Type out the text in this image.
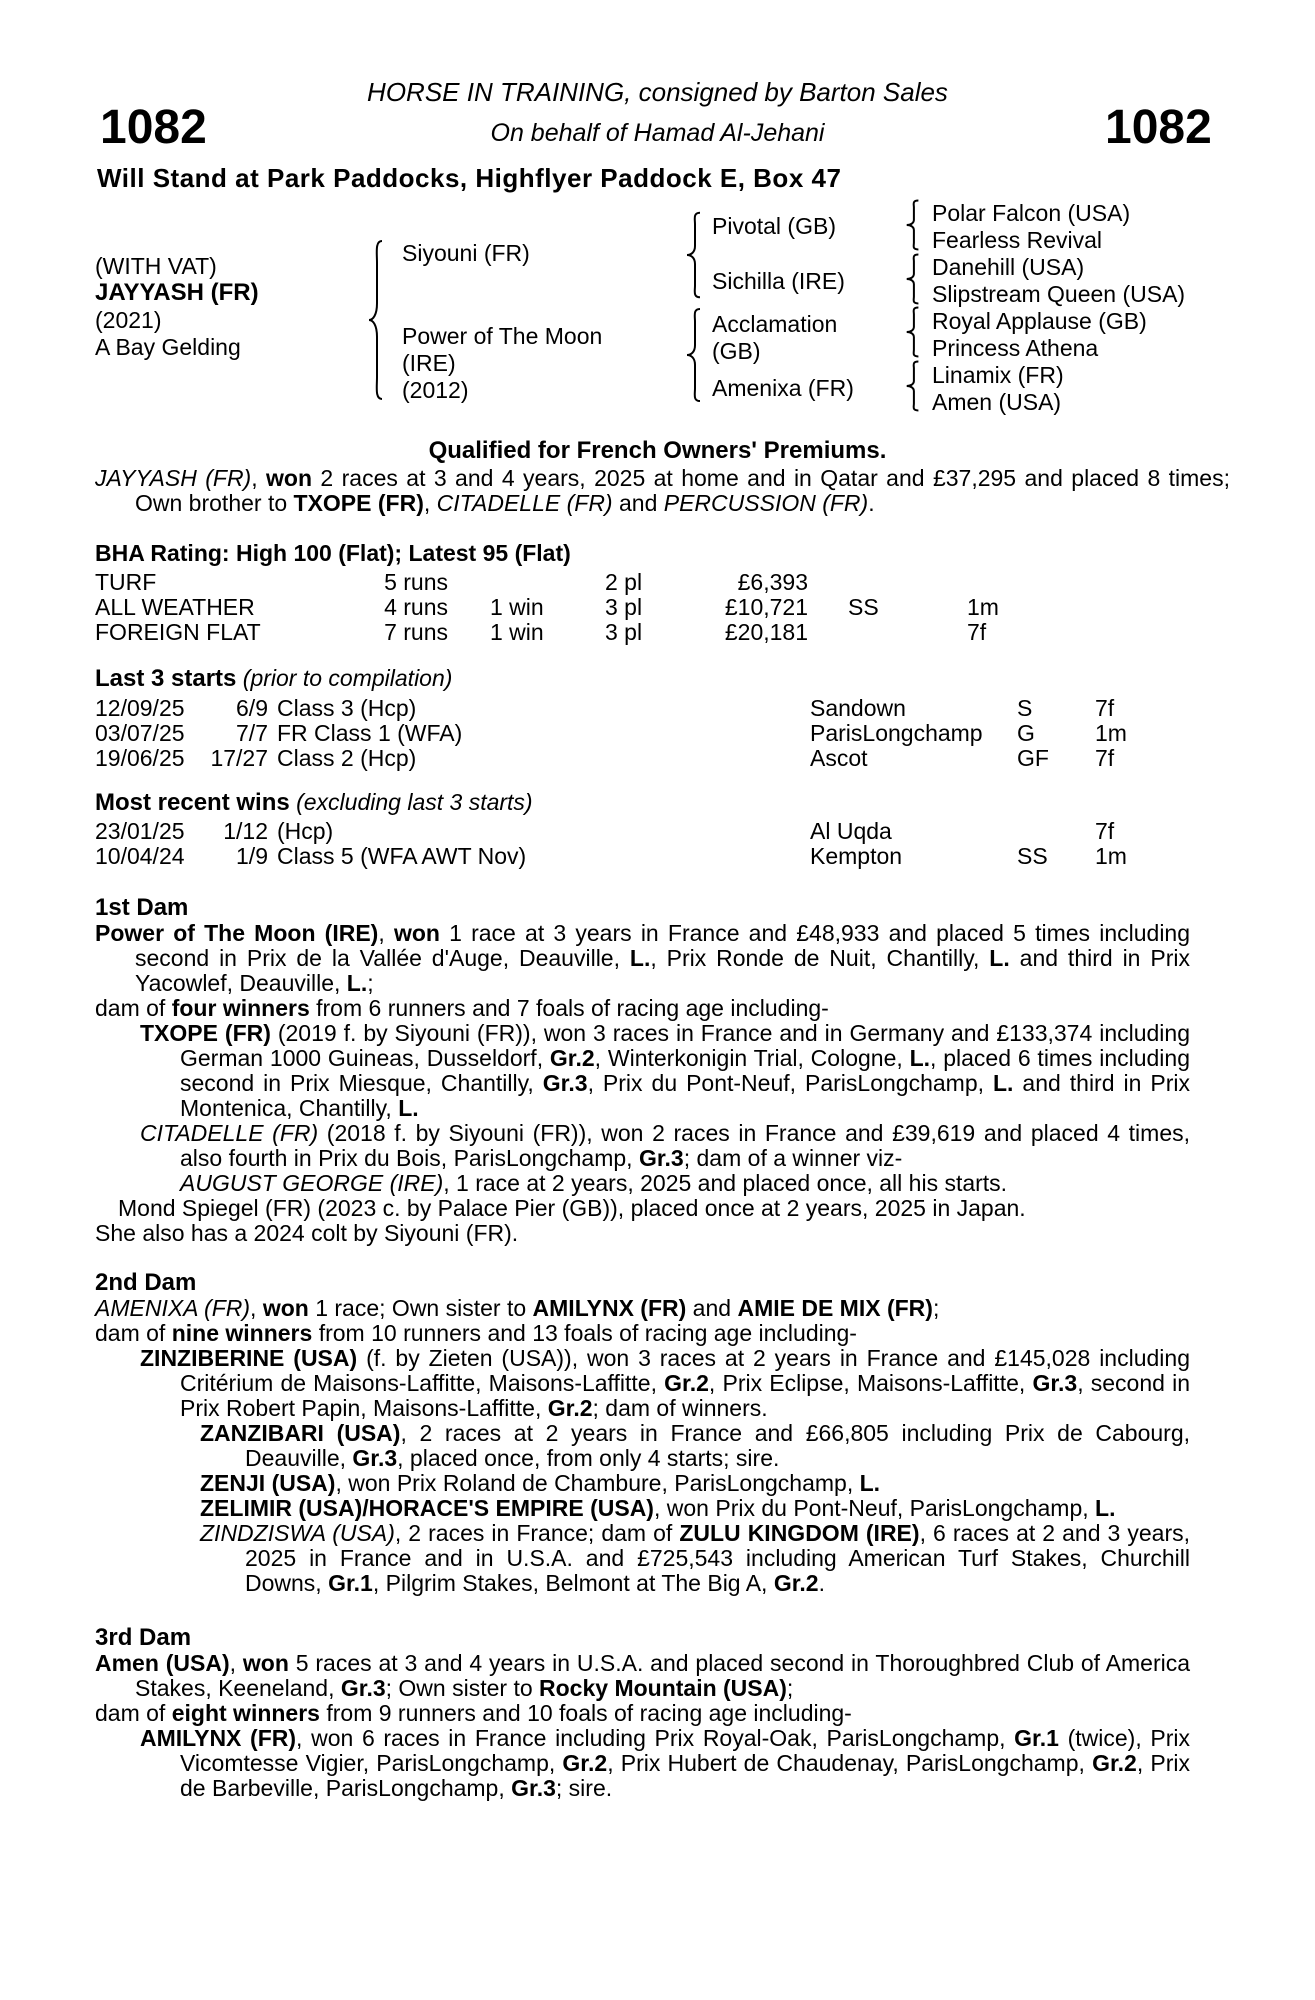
HORSE IN TRAINING, consigned by Barton Sales
1082	1082
On behalf of Hamad Al-Jehani
Will Stand at Park Paddocks, Highflyer Paddock E, Box 47
(WITH VAT)
JAYYASH (FR)
(2021)
A Bay Gelding
Siyouni (FR)
Power of The Moon
(IRE)
(2012)
Pivotal (GB)
Sichilla (IRE)
Acclamation
(GB)
Amenixa (FR)
Polar Falcon (USA)
Fearless Revival
Danehill (USA)
Slipstream Queen (USA)
Royal Applause (GB)
Princess Athena
Linamix (FR)
Amen (USA)
Qualified for French Owners' Premiums.
JAYYASH (FR), won 2 races at 3 and 4 years, 2025 at home and in Qatar and £37,295 and placed 8 times; Own brother to TXOPE (FR), CITADELLE (FR) and PERCUSSION (FR).
BHA Rating: High 100 (Flat); Latest 95 (Flat)
TURF	5 runs	2 pl	£6,393
ALL WEATHER	4 runs 1 win	3 pl	£10,721 SS	1m
FOREIGN FLAT	7 runs 1 win	3 pl	£20,181	7f
Last 3 starts (prior to compilation)
12/09/25	6/9 Class 3 (Hcp)	Sandown	S	7f
03/07/25	7/7 FR Class 1 (WFA)	ParisLongchamp G	1m
19/06/25	17/27 Class 2 (Hcp)	Ascot	GF 7f
Most recent wins (excluding last 3 starts)
23/01/25	1/12 (Hcp)	Al Uqda	7f
10/04/24	1/9 Class 5 (WFA AWT Nov)	Kempton	SS 1m
1st Dam
Power of The Moon (IRE), won 1 race at 3 years in France and £48,933 and placed 5 times including second in Prix de la Vallée d'Auge, Deauville, L., Prix Ronde de Nuit, Chantilly, L. and third in Prix Yacowlef, Deauville, L.;
dam of four winners from 6 runners and 7 foals of racing age including-
TXOPE (FR) (2019 f. by Siyouni (FR)), won 3 races in France and in Germany and £133,374 including German 1000 Guineas, Dusseldorf, Gr.2, Winterkonigin Trial, Cologne, L., placed 6 times including second in Prix Miesque, Chantilly, Gr.3, Prix du Pont-Neuf, ParisLongchamp, L. and third in Prix Montenica, Chantilly, L.
CITADELLE (FR) (2018 f. by Siyouni (FR)), won 2 races in France and £39,619 and placed 4 times, also fourth in Prix du Bois, ParisLongchamp, Gr.3; dam of a winner viz-
AUGUST GEORGE (IRE), 1 race at 2 years, 2025 and placed once, all his starts.
Mond Spiegel (FR) (2023 c. by Palace Pier (GB)), placed once at 2 years, 2025 in Japan.
She also has a 2024 colt by Siyouni (FR).
2nd Dam
AMENIXA (FR), won 1 race; Own sister to AMILYNX (FR) and AMIE DE MIX (FR);
dam of nine winners from 10 runners and 13 foals of racing age including-
ZINZIBERINE (USA) (f. by Zieten (USA)), won 3 races at 2 years in France and £145,028 including Critérium de Maisons-Laffitte, Maisons-Laffitte, Gr.2, Prix Eclipse, Maisons-Laffitte, Gr.3, second in Prix Robert Papin, Maisons-Laffitte, Gr.2; dam of winners.
ZANZIBARI (USA), 2 races at 2 years in France and £66,805 including Prix de Cabourg, Deauville, Gr.3, placed once, from only 4 starts; sire.
ZENJI (USA), won Prix Roland de Chambure, ParisLongchamp, L.
ZELIMIR (USA)/HORACE'S EMPIRE (USA), won Prix du Pont-Neuf, ParisLongchamp, L.
ZINDZISWA (USA), 2 races in France; dam of ZULU KINGDOM (IRE), 6 races at 2 and 3 years, 2025 in France and in U.S.A. and £725,543 including American Turf Stakes, Churchill Downs, Gr.1, Pilgrim Stakes, Belmont at The Big A, Gr.2.
3rd Dam
Amen (USA), won 5 races at 3 and 4 years in U.S.A. and placed second in Thoroughbred Club of America Stakes, Keeneland, Gr.3; Own sister to Rocky Mountain (USA);
dam of eight winners from 9 runners and 10 foals of racing age including-
AMILYNX (FR), won 6 races in France including Prix Royal-Oak, ParisLongchamp, Gr.1 (twice), Prix Vicomtesse Vigier, ParisLongchamp, Gr.2, Prix Hubert de Chaudenay, ParisLongchamp, Gr.2, Prix de Barbeville, ParisLongchamp, Gr.3; sire.
